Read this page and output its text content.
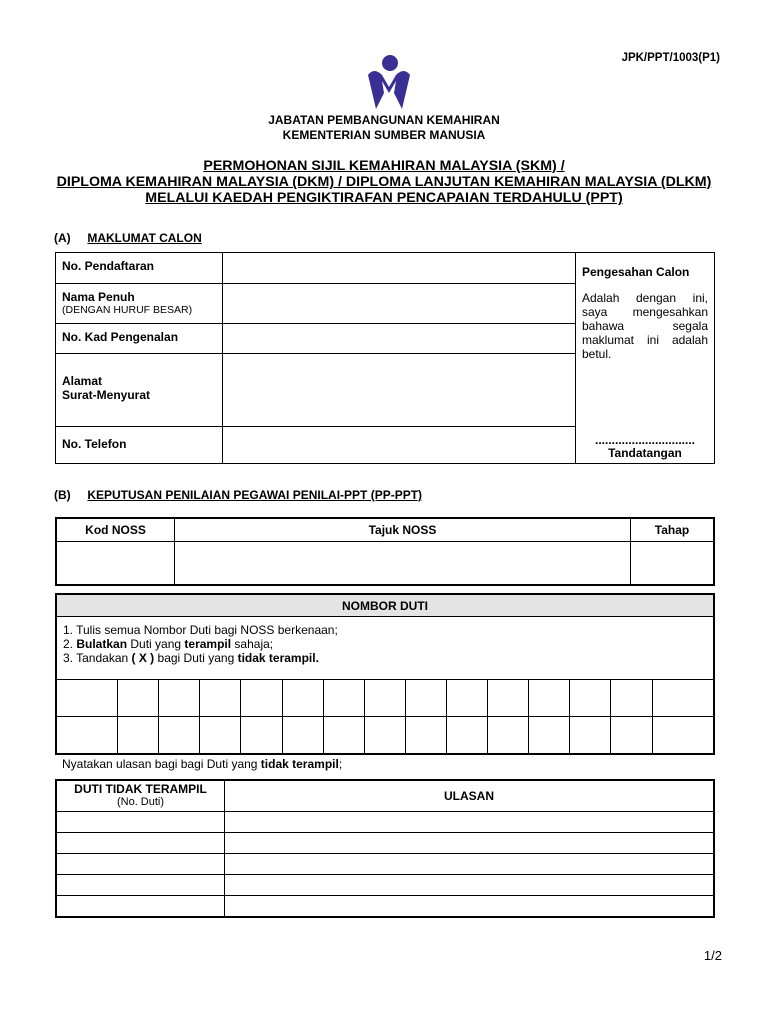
JPK/PPT/1003(P1)
JABATAN PEMBANGUNAN KEMAHIRAN
KEMENTERIAN SUMBER MANUSIA
PERMOHONAN SIJIL KEMAHIRAN MALAYSIA (SKM) /
DIPLOMA KEMAHIRAN MALAYSIA (DKM) / DIPLOMA LANJUTAN KEMAHIRAN MALAYSIA (DLKM)
MELALUI KAEDAH PENGIKTIRAFAN PENCAPAIAN TERDAHULU (PPT)
(A) MAKLUMAT CALON
No. Pendaftaran		Pengesahan Calon
Adalah dengan ini, saya mengesahkan bahawa segala maklumat ini adalah betul.
..............................
Tandatangan

Nama Penuh
(DENGAN HURUF BESAR)		

No. Kad Pengenalan		

Alamat
Surat-Menyurat		

No. Telefon		
(B) KEPUTUSAN PENILAIAN PEGAWAI PENILAI-PPT (PP-PPT)
Kod NOSS	Tajuk NOSS	Tahap

NOMBOR DUTI														

1. Tulis semua Nombor Duti bagi NOSS berkenaan;
2. Bulatkan Duti yang terampil sahaja;
3. Tandakan ( X ) bagi Duti yang tidak terampil.														

Nyatakan ulasan bagi bagi Duti yang tidak terampil;
DUTI TIDAK TERAMPIL
(No. Duti)	ULASAN

1/2
